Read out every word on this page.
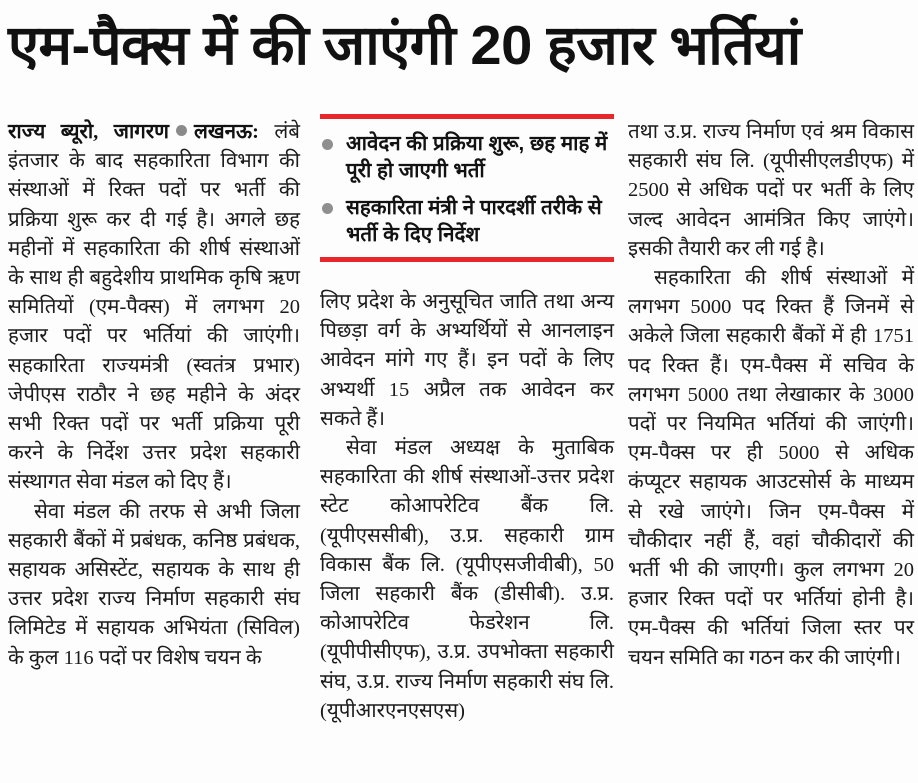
एम-पैक्स में की जाएंगी 20 हजार भर्तियां

राज्य ब्यूरो, जागरण लखनऊ: लंबे इंतजार के बाद सहकारिता विभाग की संस्थाओं में रिक्त पदों पर भर्ती की प्रक्रिया शुरू कर दी गई है। अगले छह महीनों में सहकारिता की शीर्ष संस्थाओं के साथ ही बहुदेशीय प्राथमिक कृषि ऋण समितियों (एम-पैक्स) में लगभग 20 हजार पदों पर भर्तियां की जाएंगी। सहकारिता राज्यमंत्री (स्वतंत्र प्रभार) जेपीएस राठौर ने छह महीने के अंदर सभी रिक्त पदों पर भर्ती प्रक्रिया पूरी करने के निर्देश उत्तर प्रदेश सहकारी संस्थागत सेवा मंडल को दिए हैं।

सेवा मंडल की तरफ से अभी जिला सहकारी बैंकों में प्रबंधक, कनिष्ठ प्रबंधक, सहायक असिस्टेंट, सहायक के साथ ही उत्तर प्रदेश राज्य निर्माण सहकारी संघ लिमिटेड में सहायक अभियंता (सिविल) के कुल 116 पदों पर विशेष चयन के

आवेदन की प्रक्रिया शुरू, छह माह में पूरी हो जाएगी भर्ती
सहकारिता मंत्री ने पारदर्शी तरीके से भर्ती के दिए निर्देश

लिए प्रदेश के अनुसूचित जाति तथा अन्य पिछड़ा वर्ग के अभ्यर्थियों से आनलाइन आवेदन मांगे गए हैं। इन पदों के लिए अभ्यर्थी 15 अप्रैल तक आवेदन कर सकते हैं।

सेवा मंडल अध्यक्ष के मुताबिक सहकारिता की शीर्ष संस्थाओं-उत्तर प्रदेश स्टेट कोआपरेटिव बैंक लि. (यूपीएससीबी), उ.प्र. सहकारी ग्राम विकास बैंक लि. (यूपीएसजीवीबी), 50 जिला सहकारी बैंक (डीसीबी). उ.प्र. कोआपरेटिव फेडरेशन लि. (यूपीपीसीएफ), उ.प्र. उपभोक्ता सहकारी संघ, उ.प्र. राज्य निर्माण सहकारी संघ लि. (यूपीआरएनएसएस)

तथा उ.प्र. राज्य निर्माण एवं श्रम विकास सहकारी संघ लि. (यूपीसीएलडीएफ) में 2500 से अधिक पदों पर भर्ती के लिए जल्द आवेदन आमंत्रित किए जाएंगे। इसकी तैयारी कर ली गई है।

सहकारिता की शीर्ष संस्थाओं में लगभग 5000 पद रिक्त हैं जिनमें से अकेले जिला सहकारी बैंकों में ही 1751 पद रिक्त हैं। एम-पैक्स में सचिव के लगभग 5000 तथा लेखाकार के 3000 पदों पर नियमित भर्तियां की जाएंगी। एम-पैक्स पर ही 5000 से अधिक कंप्यूटर सहायक आउटसोर्स के माध्यम से रखे जाएंगे। जिन एम-पैक्स में चौकीदार नहीं हैं, वहां चौकीदारों की भर्ती भी की जाएगी। कुल लगभग 20 हजार रिक्त पदों पर भर्तियां होनी है। एम-पैक्स की भर्तियां जिला स्तर पर चयन समिति का गठन कर की जाएंगी।
